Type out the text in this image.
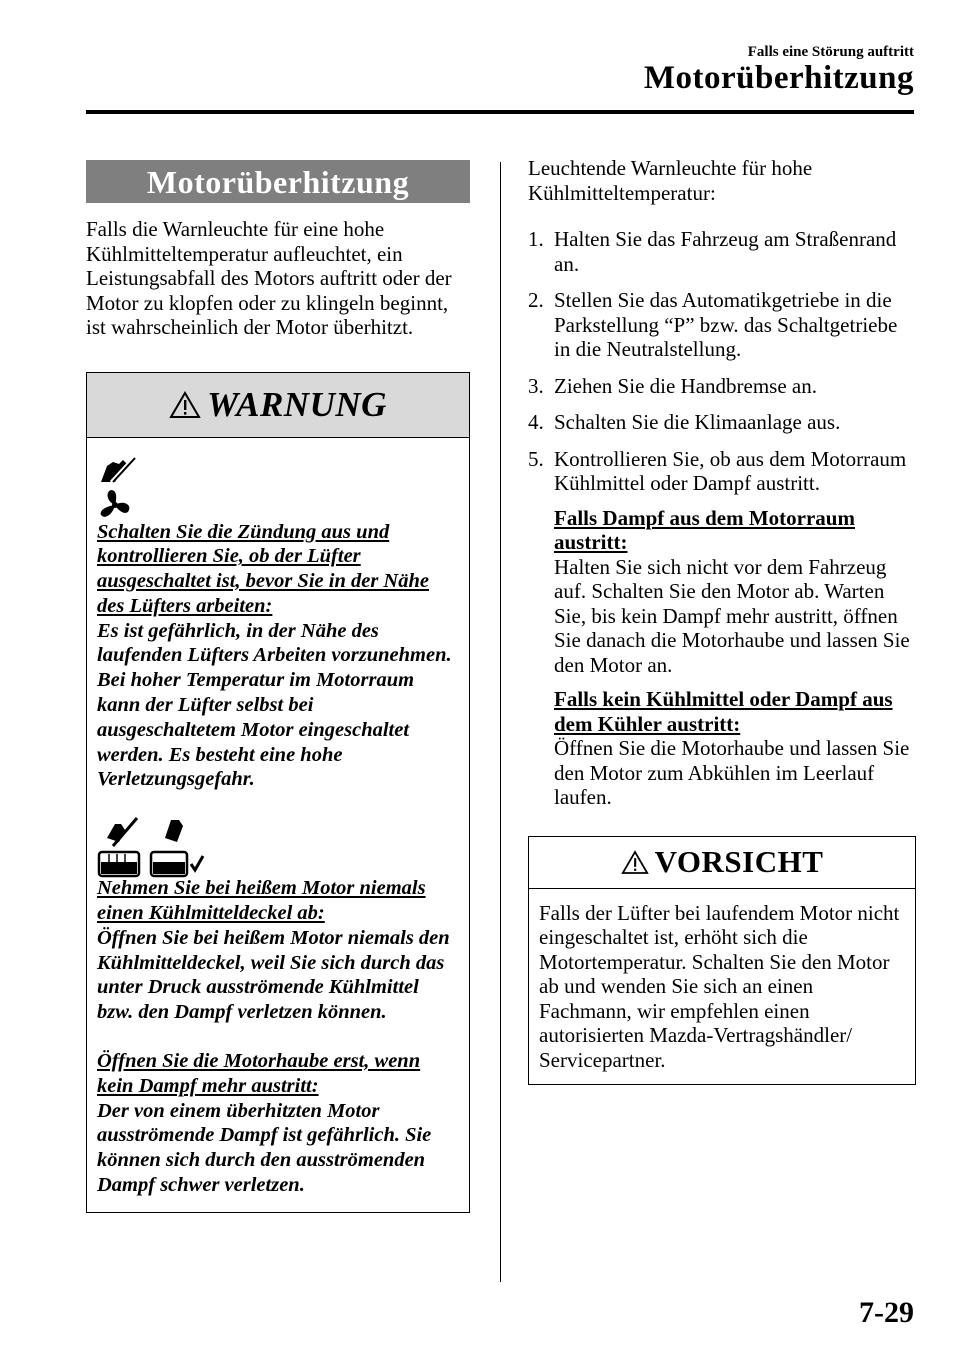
Falls eine Störung auftritt
Motorüberhitzung
Motorüberhitzung
Falls die Warnleuchte für eine hohe Kühlmitteltemperatur aufleuchtet, ein Leistungsabfall des Motors auftritt oder der Motor zu klopfen oder zu klingeln beginnt, ist wahrscheinlich der Motor überhitzt.
WARNUNG
Schalten Sie die Zündung aus und kontrollieren Sie, ob der Lüfter ausgeschaltet ist, bevor Sie in der Nähe des Lüfters arbeiten:
Es ist gefährlich, in der Nähe des laufenden Lüfters Arbeiten vorzunehmen. Bei hoher Temperatur im Motorraum kann der Lüfter selbst bei ausgeschaltetem Motor eingeschaltet werden. Es besteht eine hohe Verletzungsgefahr.
Nehmen Sie bei heißem Motor niemals einen Kühlmitteldeckel ab:
Öffnen Sie bei heißem Motor niemals den Kühlmitteldeckel, weil Sie sich durch das unter Druck ausströmende Kühlmittel bzw. den Dampf verletzen können.
Öffnen Sie die Motorhaube erst, wenn kein Dampf mehr austritt:
Der von einem überhitzten Motor ausströmende Dampf ist gefährlich. Sie können sich durch den ausströmenden Dampf schwer verletzen.
Leuchtende Warnleuchte für hohe Kühlmitteltemperatur:
1. Halten Sie das Fahrzeug am Straßenrand an.
2. Stellen Sie das Automatikgetriebe in die Parkstellung “P” bzw. das Schaltgetriebe in die Neutralstellung.
3. Ziehen Sie die Handbremse an.
4. Schalten Sie die Klimaanlage aus.
5. Kontrollieren Sie, ob aus dem Motorraum Kühlmittel oder Dampf austritt.
Falls Dampf aus dem Motorraum austritt:
Halten Sie sich nicht vor dem Fahrzeug auf. Schalten Sie den Motor ab. Warten Sie, bis kein Dampf mehr austritt, öffnen Sie danach die Motorhaube und lassen Sie den Motor an.
Falls kein Kühlmittel oder Dampf aus dem Kühler austritt:
Öffnen Sie die Motorhaube und lassen Sie den Motor zum Abkühlen im Leerlauf laufen.
VORSICHT
Falls der Lüfter bei laufendem Motor nicht eingeschaltet ist, erhöht sich die Motortemperatur. Schalten Sie den Motor ab und wenden Sie sich an einen Fachmann, wir empfehlen einen autorisierten Mazda-Vertragshändler/ Servicepartner.
7-29
